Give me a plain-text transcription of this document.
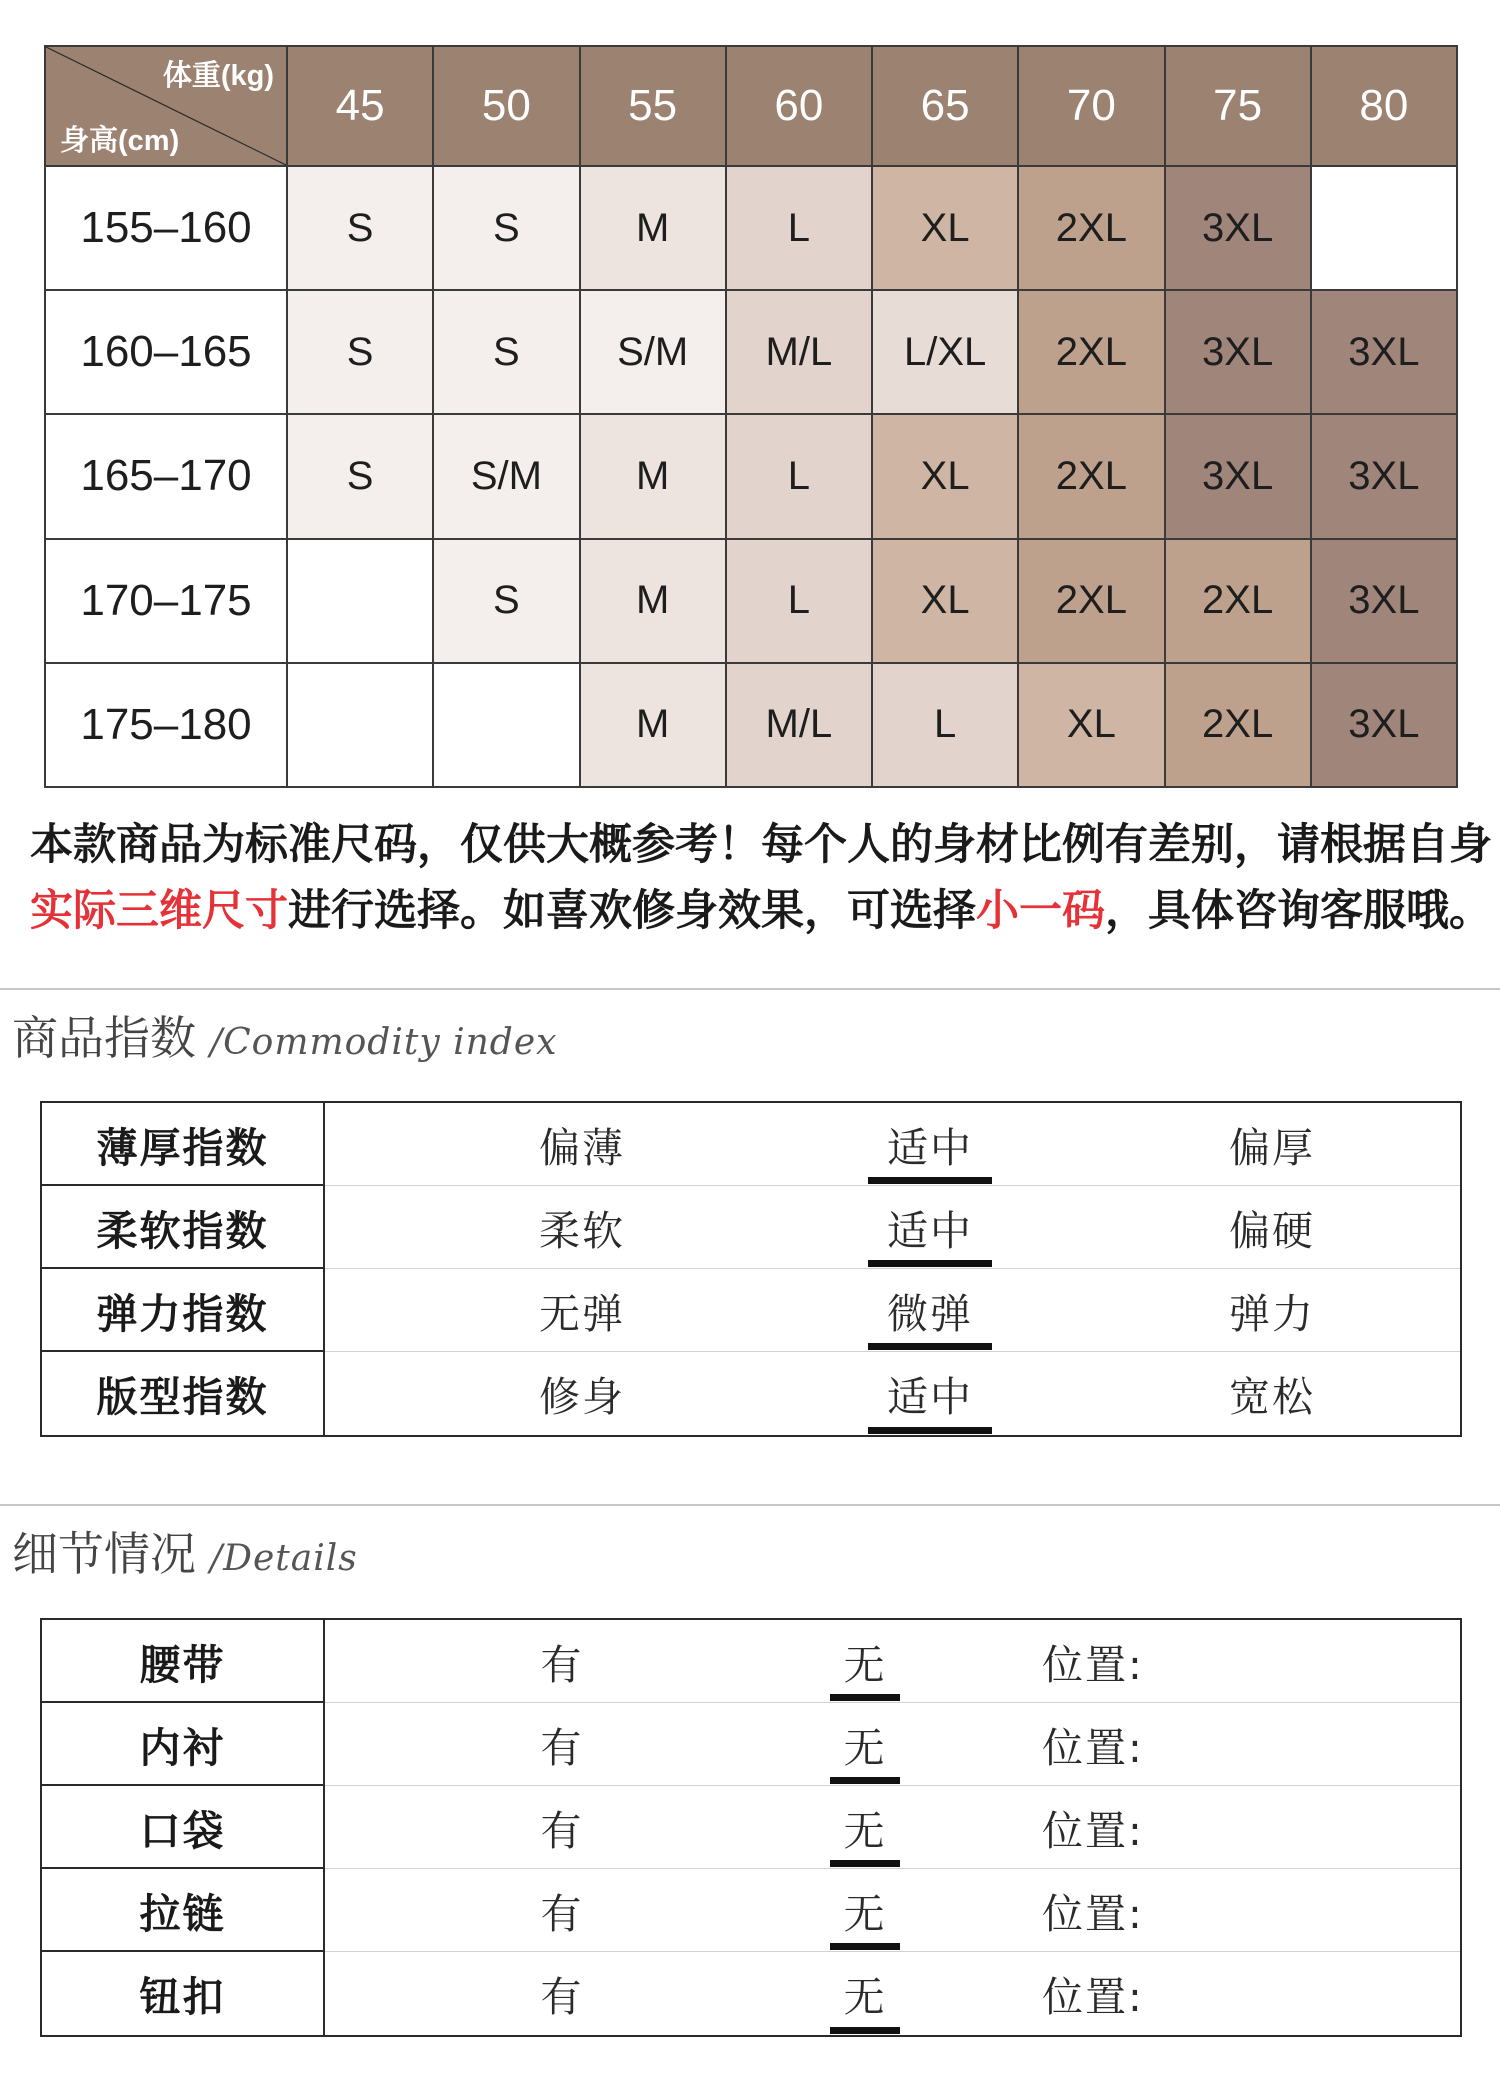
体重(kg)
身高(cm)	45	50	55	60	65	70	75	80
155–160	S	S	M	L	XL	2XL	3XL	
160–165	S	S	S/M	M/L	L/XL	2XL	3XL	3XL
165–170	S	S/M	M	L	XL	2XL	3XL	3XL
170–175		S	M	L	XL	2XL	2XL	3XL
175–180			M	M/L	L	XL	2XL	3XL
本款商品为标准尺码，仅供大概参考！每个人的身材比例有差别，请根据自身
实际三维尺寸进行选择。如喜欢修身效果，可选择小一码，具体咨询客服哦。
商品指数 /Commodity index
薄厚指数	偏薄	适中	偏厚
柔软指数	柔软	适中	偏硬
弹力指数	无弹	微弹	弹力
版型指数	修身	适中	宽松
细节情况 /Details
腰带	有	无	位置:
内衬	有	无	位置:
口袋	有	无	位置:
拉链	有	无	位置:
钮扣	有	无	位置:
